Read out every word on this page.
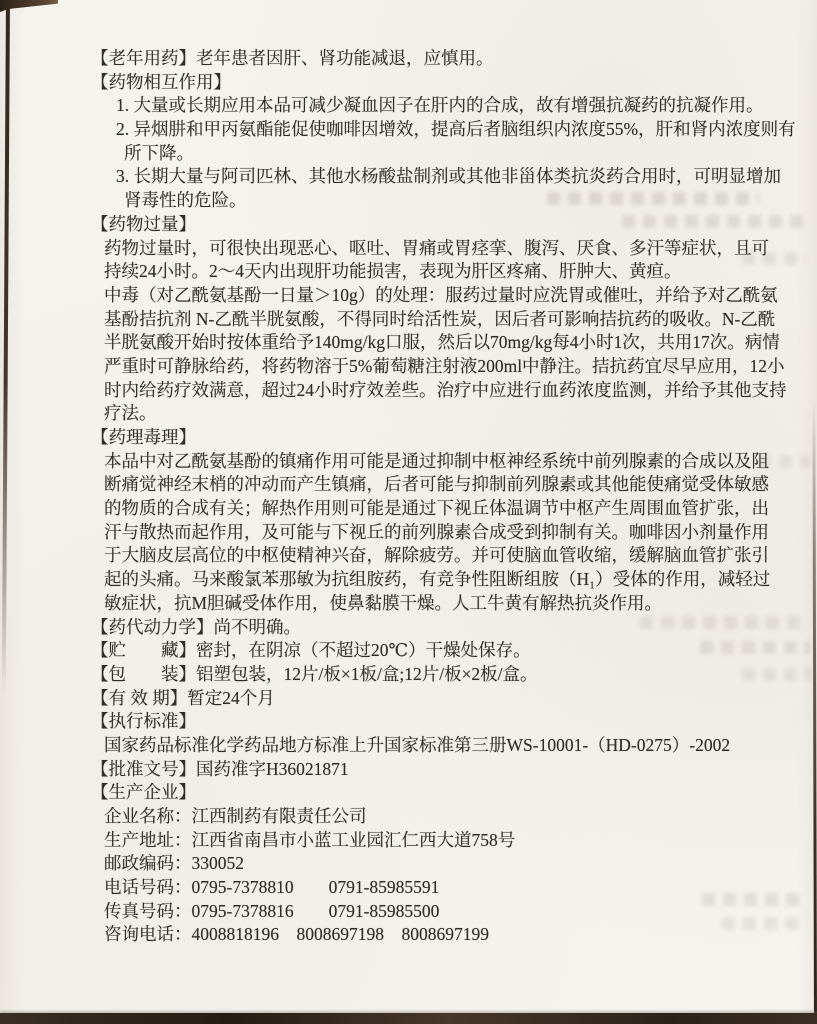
【老年用药】老年患者因肝、肾功能减退，应慎用。
【药物相互作用】
1. 大量或长期应用本品可减少凝血因子在肝内的合成，故有增强抗凝药的抗凝作用。
2. 异烟肼和甲丙氨酯能促使咖啡因增效，提高后者脑组织内浓度55%，肝和肾内浓度则有
所下降。
3. 长期大量与阿司匹林、其他水杨酸盐制剂或其他非甾体类抗炎药合用时，可明显增加
肾毒性的危险。
【药物过量】
药物过量时，可很快出现恶心、呕吐、胃痛或胃痉挛、腹泻、厌食、多汗等症状，且可
持续24小时。2～4天内出现肝功能损害，表现为肝区疼痛、肝肿大、黄疸。
中毒（对乙酰氨基酚一日量＞10g）的处理：服药过量时应洗胃或催吐，并给予对乙酰氨
基酚拮抗剂 N-乙酰半胱氨酸，不得同时给活性炭，因后者可影响拮抗药的吸收。N-乙酰
半胱氨酸开始时按体重给予140mg/kg口服，然后以70mg/kg每4小时1次，共用17次。病情
严重时可静脉给药，将药物溶于5%葡萄糖注射液200ml中静注。拮抗药宜尽早应用，12小
时内给药疗效满意，超过24小时疗效差些。治疗中应进行血药浓度监测，并给予其他支持
疗法。
【药理毒理】
本品中对乙酰氨基酚的镇痛作用可能是通过抑制中枢神经系统中前列腺素的合成以及阻
断痛觉神经末梢的冲动而产生镇痛，后者可能与抑制前列腺素或其他能使痛觉受体敏感
的物质的合成有关；解热作用则可能是通过下视丘体温调节中枢产生周围血管扩张，出
汗与散热而起作用，及可能与下视丘的前列腺素合成受到抑制有关。咖啡因小剂量作用
于大脑皮层高位的中枢使精神兴奋，解除疲劳。并可使脑血管收缩，缓解脑血管扩张引
起的头痛。马来酸氯苯那敏为抗组胺药，有竞争性阻断组胺（H₁）受体的作用，减轻过
敏症状，抗M胆碱受体作用，使鼻黏膜干燥。人工牛黄有解热抗炎作用。
【药代动力学】尚不明确。
【贮　　藏】密封，在阴凉（不超过20℃）干燥处保存。
【包　　装】铝塑包装，12片/板×1板/盒;12片/板×2板/盒。
【有 效 期】暂定24个月
【执行标准】
国家药品标准化学药品地方标准上升国家标准第三册WS-10001-（HD-0275）-2002
【批准文号】国药准字H36021871
【生产企业】
企业名称：江西制药有限责任公司
生产地址：江西省南昌市小蓝工业园汇仁西大道758号
邮政编码：330052
电话号码：0795-7378810　　0791-85985591
传真号码：0795-7378816　　0791-85985500
咨询电话：4008818196　8008697198　8008697199
